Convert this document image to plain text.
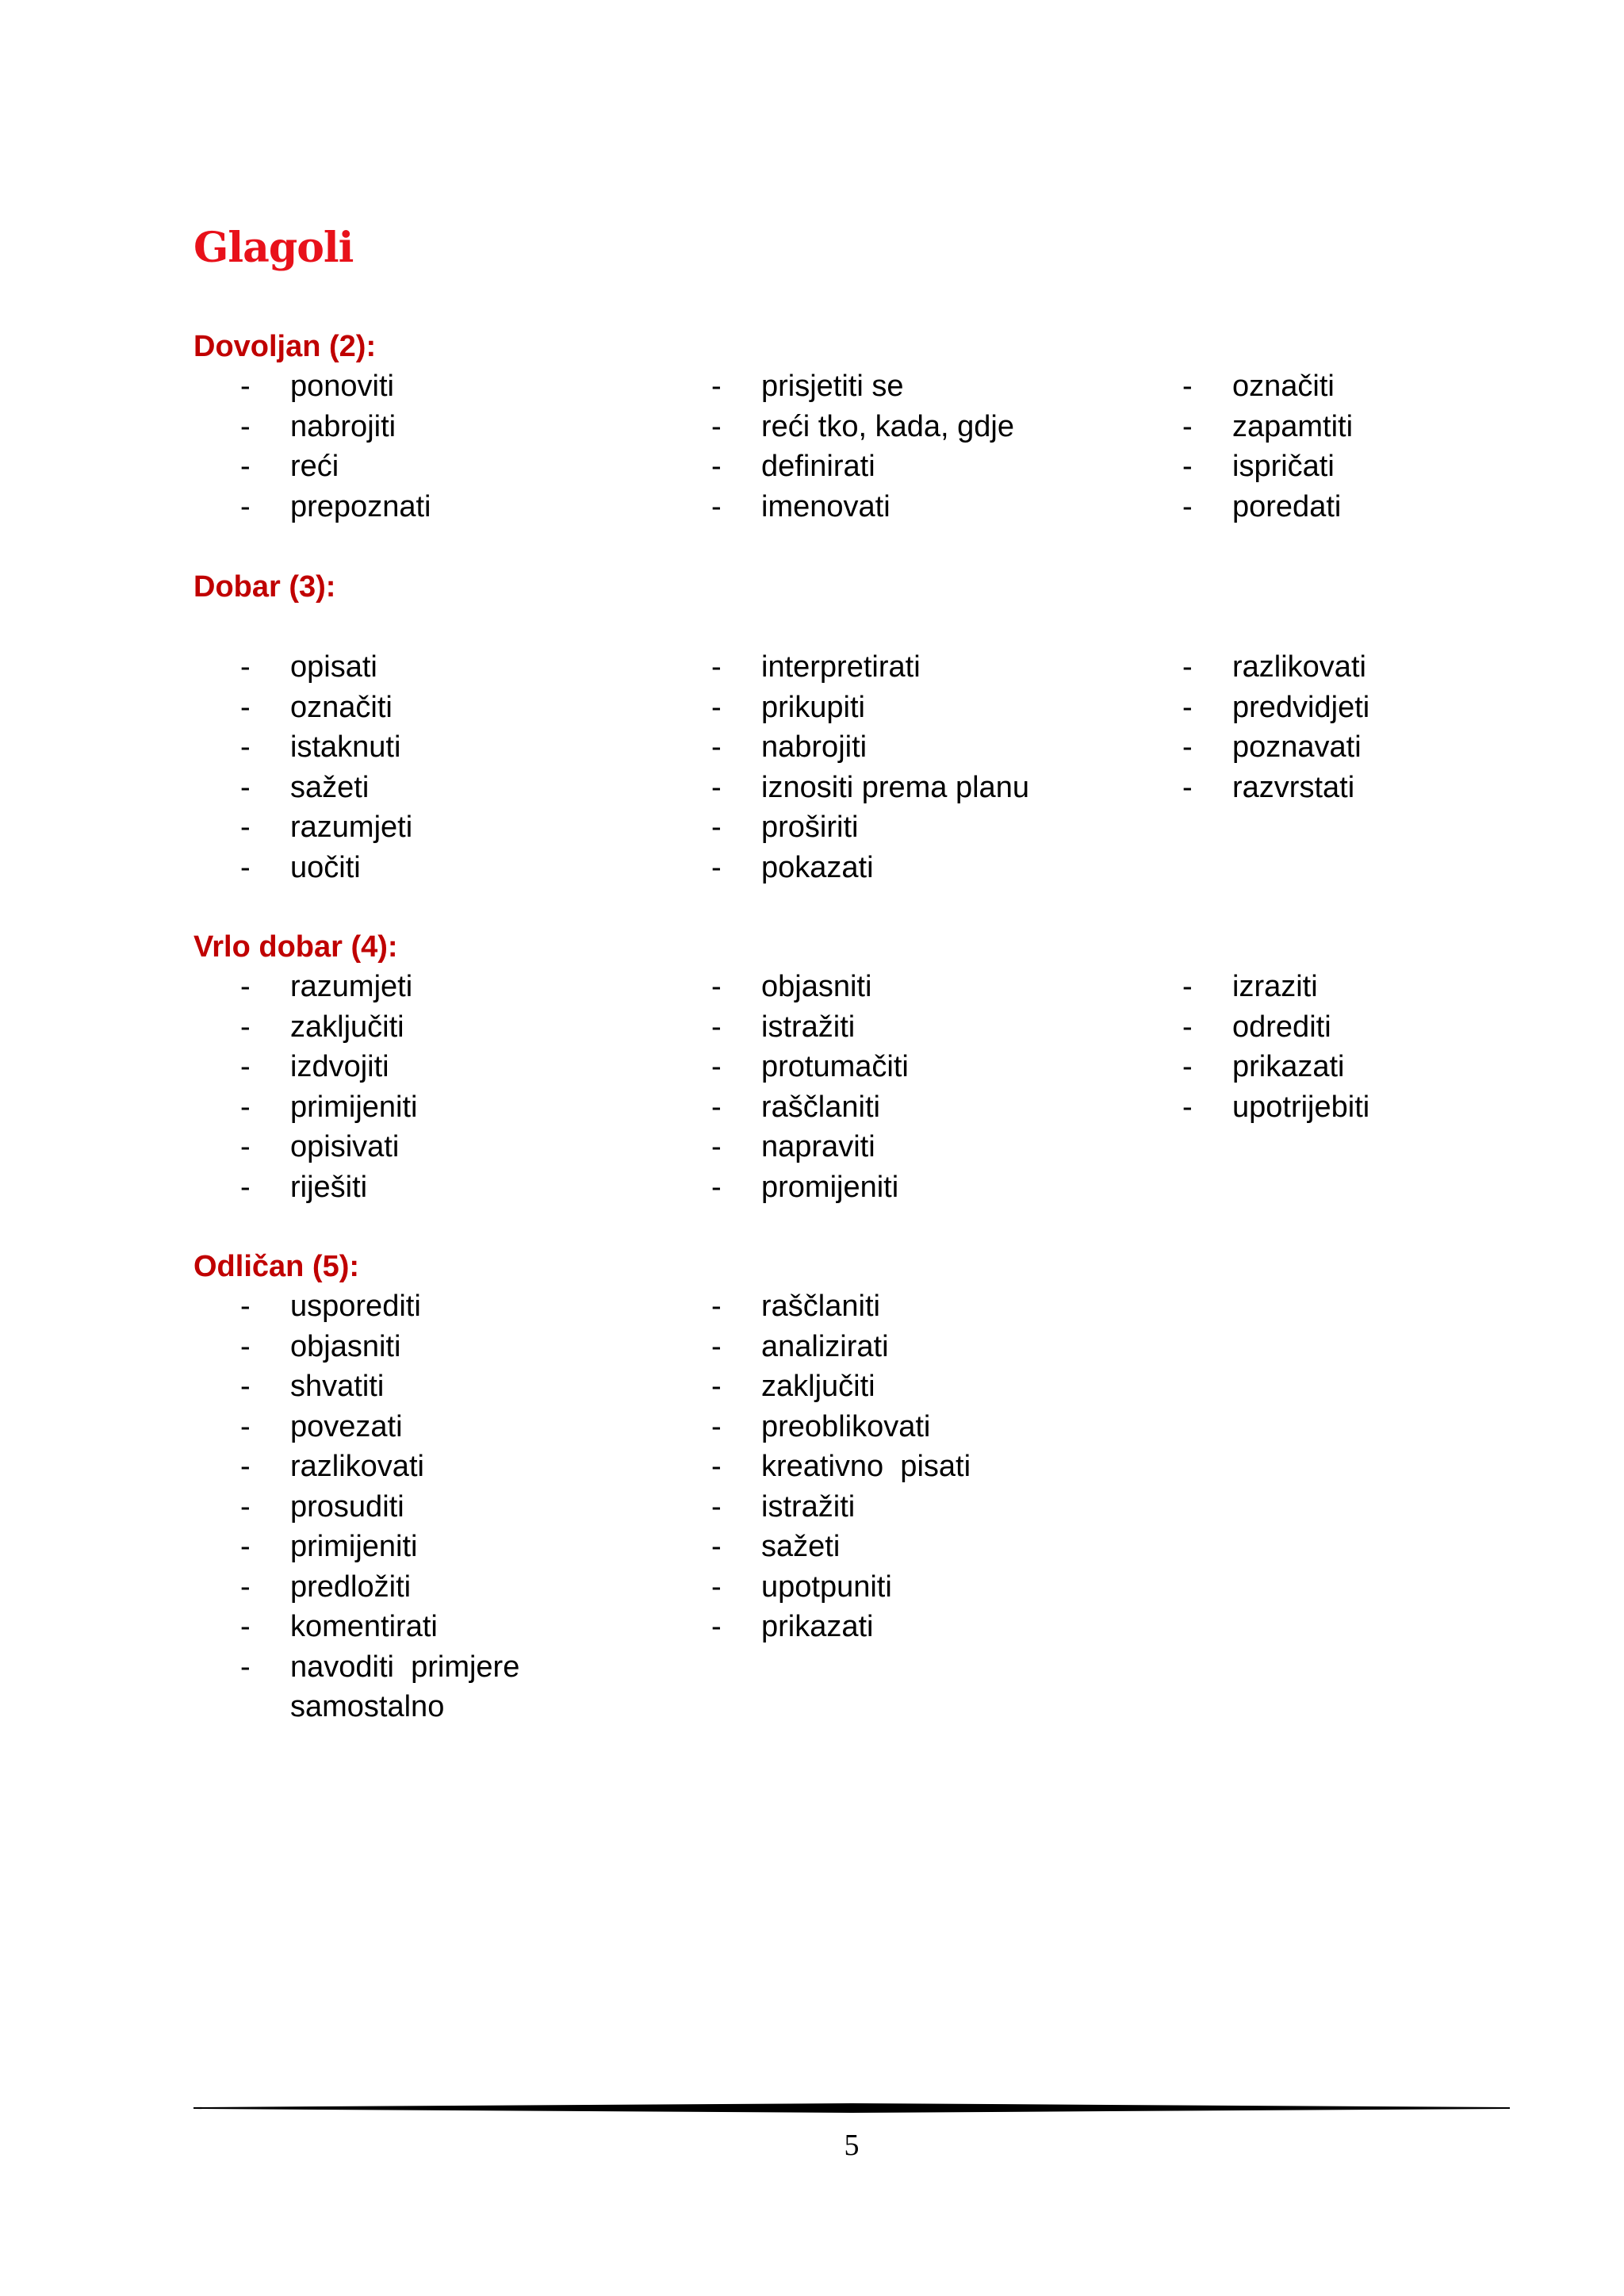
Glagoli
Dovoljan (2):
- ponoviti
- nabrojiti
- reći
- prepoznati
- prisjetiti se
- reći tko, kada, gdje
- definirati
- imenovati
- označiti
- zapamtiti
- ispričati
- poredati
Dobar (3):
- opisati
- označiti
- istaknuti
- sažeti
- razumjeti
- uočiti
- interpretirati
- prikupiti
- nabrojiti
- iznositi prema planu
- proširiti
- pokazati
- razlikovati
- predvidjeti
- poznavati
- razvrstati
Vrlo dobar (4):
- razumjeti
- zaključiti
- izdvojiti
- primijeniti
- opisivati
- riješiti
- objasniti
- istražiti
- protumačiti
- raščlaniti
- napraviti
- promijeniti
- izraziti
- odrediti
- prikazati
- upotrijebiti
Odličan (5):
- usporediti
- objasniti
- shvatiti
- povezati
- razlikovati
- prosuditi
- primijeniti
- predložiti
- komentirati
- navoditi  primjere
samostalno
- raščlaniti
- analizirati
- zaključiti
- preoblikovati
- kreativno  pisati
- istražiti
- sažeti
- upotpuniti
- prikazati
5
